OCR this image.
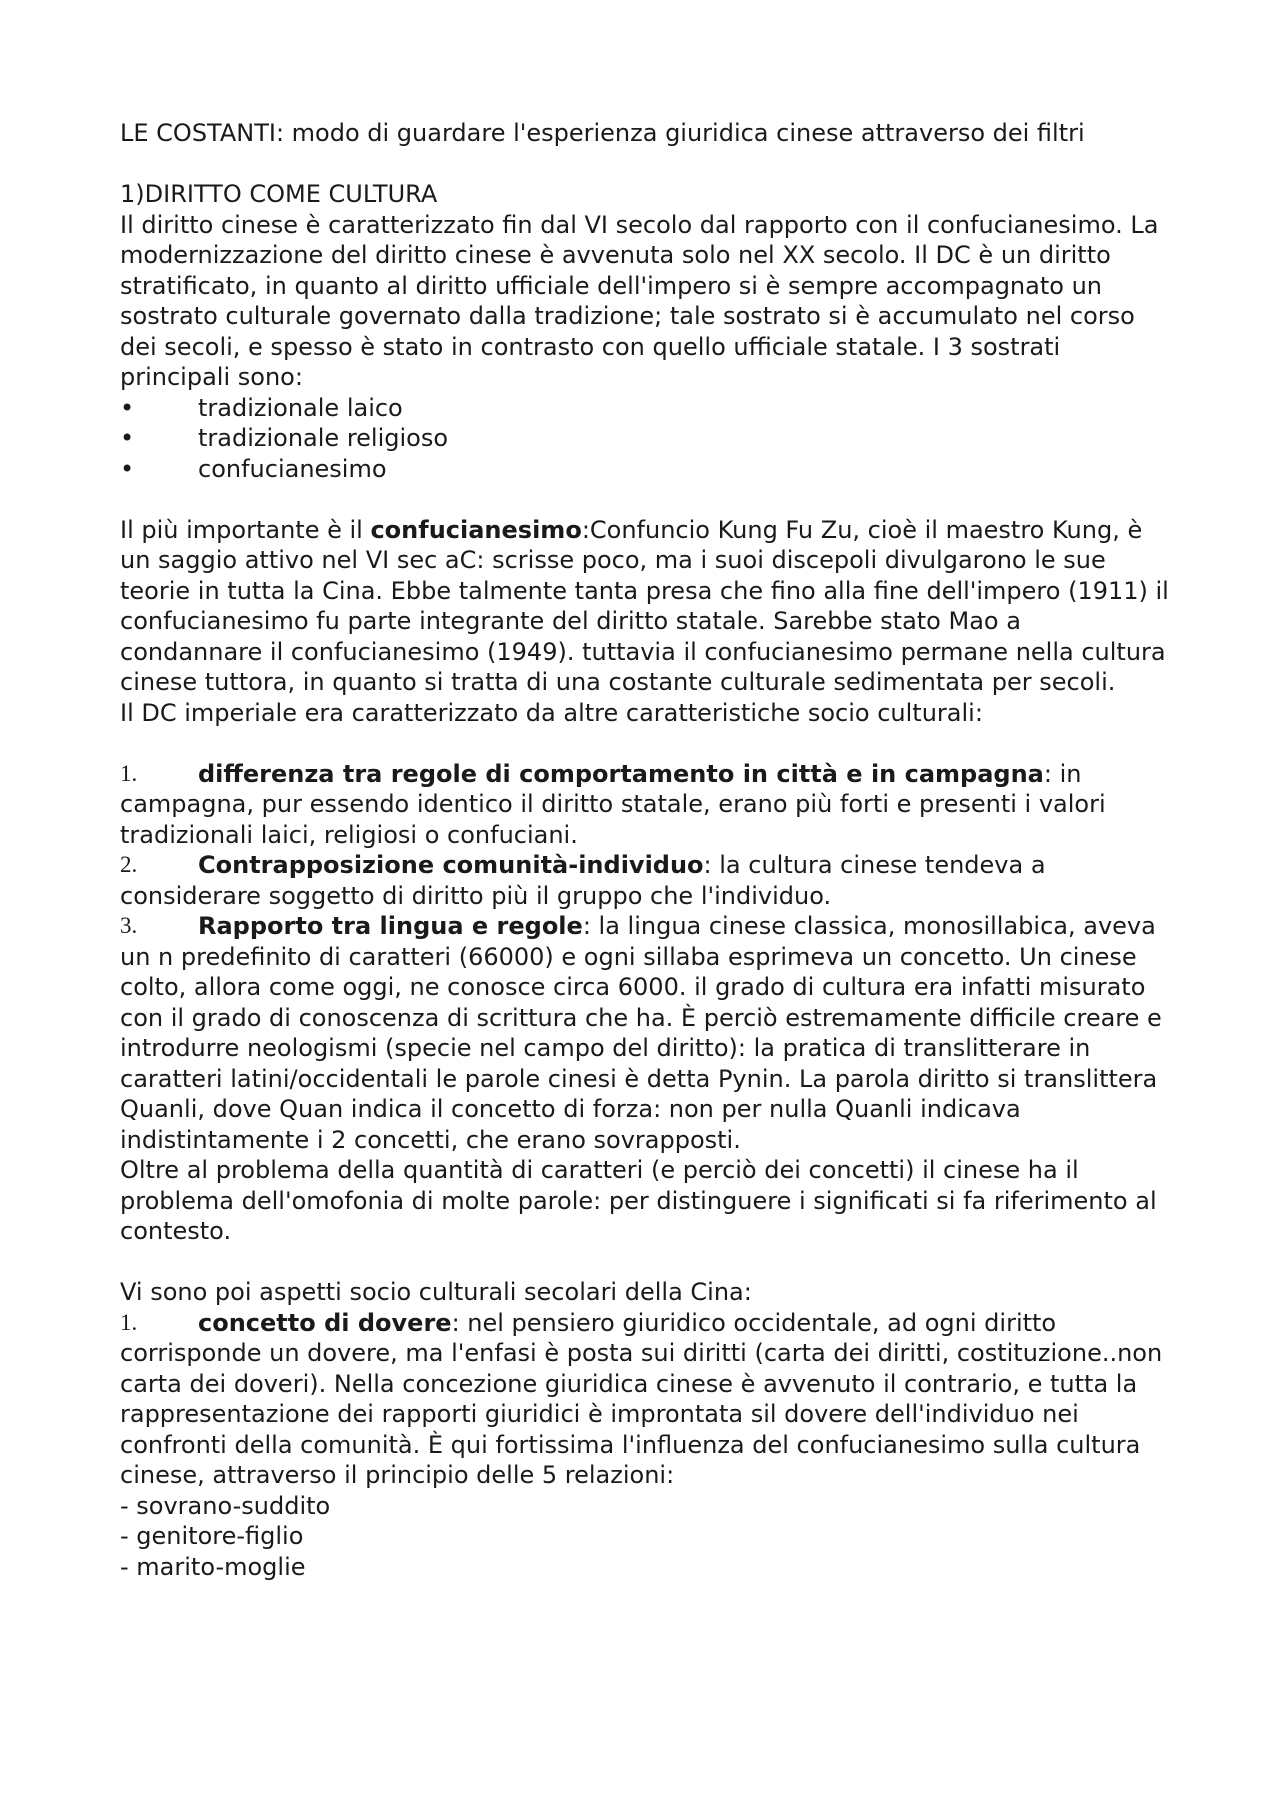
LE COSTANTI: modo di guardare l'esperienza giuridica cinese attraverso dei filtri

1)DIRITTO COME CULTURA

Il diritto cinese è caratterizzato fin dal VI secolo dal rapporto con il confucianesimo. La modernizzazione del diritto cinese è avvenuta solo nel XX secolo. Il DC è un diritto stratificato, in quanto al diritto ufficiale dell'impero si è sempre accompagnato un sostrato culturale governato dalla tradizione; tale sostrato si è accumulato nel corso dei secoli, e spesso è stato in contrasto con quello ufficiale statale. I 3 sostrati principali sono:

•	tradizionale laico
•	tradizionale religioso
•	confucianesimo

Il più importante è il confucianesimo:Confuncio Kung Fu Zu, cioè il maestro Kung, è un saggio attivo nel VI sec aC: scrisse poco, ma i suoi discepoli divulgarono le sue teorie in tutta la Cina. Ebbe talmente tanta presa che fino alla fine dell'impero (1911) il confucianesimo fu parte integrante del diritto statale. Sarebbe stato Mao a condannare il confucianesimo (1949). tuttavia il confucianesimo permane nella cultura cinese tuttora, in quanto si tratta di una costante culturale sedimentata per secoli.

Il DC imperiale era caratterizzato da altre caratteristiche socio culturali:

1.	differenza tra regole di comportamento in città e in campagna: in campagna, pur essendo identico il diritto statale, erano più forti e presenti i valori tradizionali laici, religiosi o confuciani.

2.	Contrapposizione comunità-individuo: la cultura cinese tendeva a considerare soggetto di diritto più il gruppo che l'individuo.

3.	Rapporto tra lingua e regole: la lingua cinese classica, monosillabica, aveva un n predefinito di caratteri (66000) e ogni sillaba esprimeva un concetto. Un cinese colto, allora come oggi, ne conosce circa 6000. il grado di cultura era infatti misurato con il grado di conoscenza di scrittura che ha. È perciò estremamente difficile creare e introdurre neologismi (specie nel campo del diritto): la pratica di translitterare in caratteri latini/occidentali le parole cinesi è detta Pynin. La parola diritto si translittera Quanli, dove Quan indica il concetto di forza: non per nulla Quanli indicava indistintamente i 2 concetti, che erano sovrapposti.

Oltre al problema della quantità di caratteri (e perciò dei concetti) il cinese ha il problema dell'omofonia di molte parole: per distinguere i significati si fa riferimento al contesto.

Vi sono poi aspetti socio culturali secolari della Cina:

1.	concetto di dovere: nel pensiero giuridico occidentale, ad ogni diritto corrisponde un dovere, ma l'enfasi è posta sui diritti (carta dei diritti, costituzione..non carta dei doveri). Nella concezione giuridica cinese è avvenuto il contrario, e tutta la rappresentazione dei rapporti giuridici è improntata sil dovere dell'individuo nei confronti della comunità. È qui fortissima l'influenza del confucianesimo sulla cultura cinese, attraverso il principio delle 5 relazioni:

- sovrano-suddito

- genitore-figlio

- marito-moglie
